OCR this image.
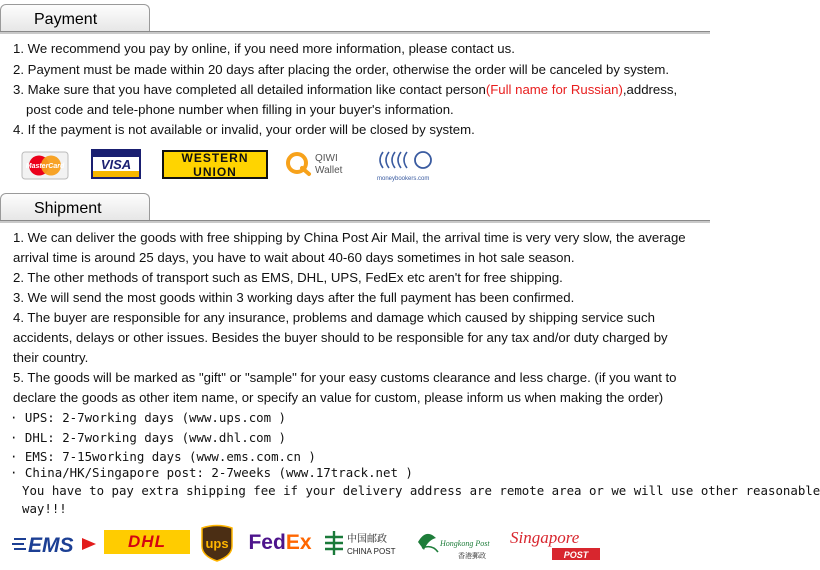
Payment
1. We recommend you pay by online, if you need more information, please contact us.
2. Payment must be made within 20 days after placing the order, otherwise the order will be canceled by system.
3. Make sure that you have completed all detailed information like contact person(Full name for Russian),address,
post code and tele-phone number when filling in your buyer's information.
4. If the payment is not available or invalid, your order will be closed by system.
MasterCard	VISA	WESTERN
UNION
QIWI
Wallet
moneybookers.com
Shipment
1. We can deliver the goods with free shipping by China Post Air Mail, the arrival time is very very slow, the average
arrival time is around 25 days, you have to wait about 40-60 days sometimes in hot sale season.
2. The other methods of transport such as EMS, DHL, UPS, FedEx etc aren't for free shipping.
3. We will send the most goods within 3 working days after the full payment has been confirmed.
4. The buyer are responsible for any insurance, problems and damage which caused by shipping service such
accidents, delays or other issues. Besides the buyer should to be responsible for any tax and/or duty charged by
their country.
5. The goods will be marked as "gift" or "sample" for your easy customs clearance and less charge. (if you want to
declare the goods as other item name, or specify an value for custom, please inform us when making the order)
· UPS: 2-7working days (www.ups.com )
· DHL: 2-7working days (www.dhl.com )
· EMS: 7-15working days (www.ems.com.cn )
· China/HK/Singapore post: 2-7weeks (www.17track.net )
You have to pay extra shipping fee if your delivery address are remote area or we will use other reasonable
way!!!
EMS	DHL	ups Fed Ex	中国邮政
CHINA POST
Hongkong Post
香港郵政
Singapore
POST
